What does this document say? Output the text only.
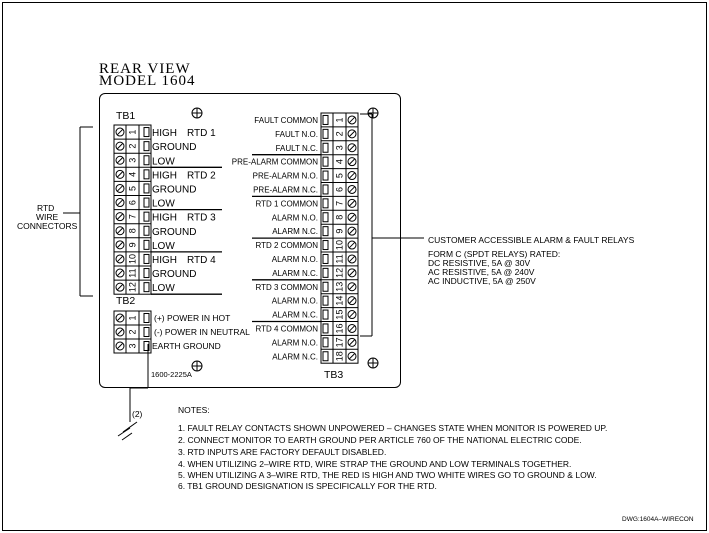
REAR VIEW
MODEL 1604
1 HIGH
2 GROUND
3 LOW
4 HIGH
5 GROUND
6 LOW
7 HIGH
8 GROUND
9 LOW
10 HIGH
11 GROUND
12 LOW
RTD 1
RTD 2
RTD 3
RTD 4
1 (+) POWER IN HOT
2 (-) POWER IN NEUTRAL
3 EARTH GROUND
1
FAULT COMMON
2
FAULT N.O.
3
FAULT N.C.
4
PRE-ALARM COMMON
5
PRE-ALARM N.O.
6
PRE-ALARM N.C.
7
RTD 1 COMMON
8
ALARM N.O.
9
ALARM N.C.
10
RTD 2 COMMON
11
ALARM N.O.
12
ALARM N.C.
13
RTD 3 COMMON
14
ALARM N.O.
15
ALARM N.C.
16
RTD 4 COMMON
17
ALARM N.O.
18
ALARM N.C.
TB1
TB2
TB3
1600-2225A
RTD
WIRE
CONNECTORS
CUSTOMER ACCESSIBLE ALARM & FAULT RELAYS
FORM C (SPDT RELAYS) RATED:
DC RESISTIVE, 5A @ 30V
AC RESISTIVE, 5A @ 240V
AC INDUCTIVE, 5A @ 250V
(2)	NOTES:
1. FAULT RELAY CONTACTS SHOWN UNPOWERED – CHANGES STATE WHEN MONITOR IS POWERED UP.
2. CONNECT MONITOR TO EARTH GROUND PER ARTICLE 760 OF THE NATIONAL ELECTRIC CODE.
3. RTD INPUTS ARE FACTORY DEFAULT DISABLED.
4. WHEN UTILIZING 2–WIRE RTD, WIRE STRAP THE GROUND AND LOW TERMINALS TOGETHER.
5. WHEN UTILIZING A 3–WIRE RTD, THE RED IS HIGH AND TWO WHITE WIRES GO TO GROUND & LOW.
6. TB1 GROUND DESIGNATION IS SPECIFICALLY FOR THE RTD.
DWG:1604A–WIRECON
